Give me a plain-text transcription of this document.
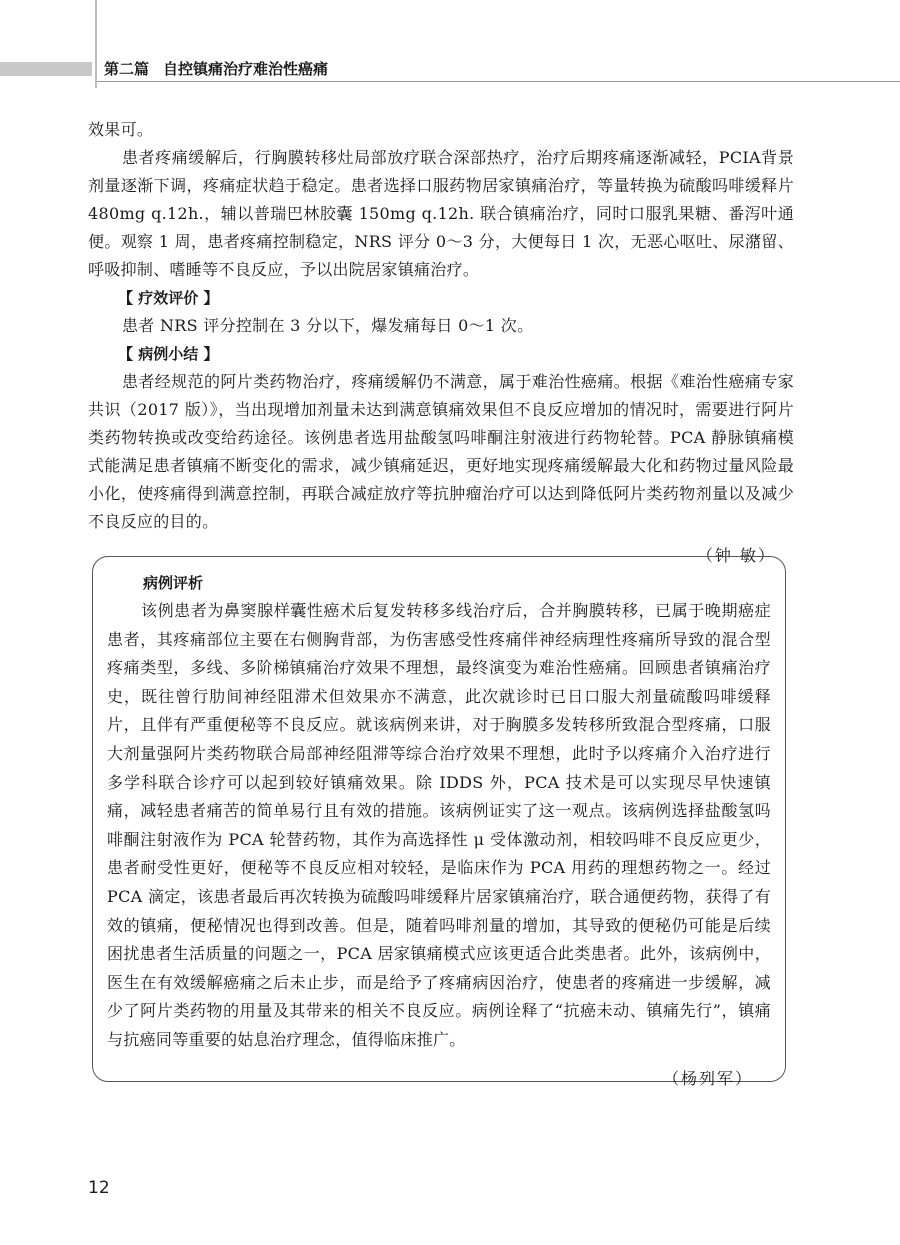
第二篇 自控镇痛治疗难治性癌痛

效果可。

患者疼痛缓解后，行胸膜转移灶局部放疗联合深部热疗，治疗后期疼痛逐渐减轻，PCIA背景剂量逐渐下调，疼痛症状趋于稳定。患者选择口服药物居家镇痛治疗，等量转换为硫酸吗啡缓释片 480mg q.12h.，辅以普瑞巴林胶囊 150mg q.12h. 联合镇痛治疗，同时口服乳果糖、番泻叶通便。观察 1 周，患者疼痛控制稳定，NRS 评分 0～3 分，大便每日 1 次，无恶心呕吐、尿潴留、呼吸抑制、嗜睡等不良反应，予以出院居家镇痛治疗。

【 疗效评价 】

患者 NRS 评分控制在 3 分以下，爆发痛每日 0～1 次。

【 病例小结 】

患者经规范的阿片类药物治疗，疼痛缓解仍不满意，属于难治性癌痛。根据《难治性癌痛专家共识（2017 版）》，当出现增加剂量未达到满意镇痛效果但不良反应增加的情况时，需要进行阿片类药物转换或改变给药途径。该例患者选用盐酸氢吗啡酮注射液进行药物轮替。PCA 静脉镇痛模式能满足患者镇痛不断变化的需求，减少镇痛延迟，更好地实现疼痛缓解最大化和药物过量风险最小化，使疼痛得到满意控制，再联合减症放疗等抗肿瘤治疗可以达到降低阿片类药物剂量以及减少不良反应的目的。

（钟 敏）
病例评析

该例患者为鼻窦腺样囊性癌术后复发转移多线治疗后，合并胸膜转移，已属于晚期癌症患者，其疼痛部位主要在右侧胸背部，为伤害感受性疼痛伴神经病理性疼痛所导致的混合型疼痛类型，多线、多阶梯镇痛治疗效果不理想，最终演变为难治性癌痛。回顾患者镇痛治疗史，既往曾行肋间神经阻滞术但效果亦不满意，此次就诊时已日口服大剂量硫酸吗啡缓释片，且伴有严重便秘等不良反应。就该病例来讲，对于胸膜多发转移所致混合型疼痛，口服大剂量强阿片类药物联合局部神经阻滞等综合治疗效果不理想，此时予以疼痛介入治疗进行多学科联合诊疗可以起到较好镇痛效果。除 IDDS 外，PCA 技术是可以实现尽早快速镇痛，减轻患者痛苦的简单易行且有效的措施。该病例证实了这一观点。该病例选择盐酸氢吗啡酮注射液作为 PCA 轮替药物，其作为高选择性 μ 受体激动剂，相较吗啡不良反应更少，患者耐受性更好，便秘等不良反应相对较轻，是临床作为 PCA 用药的理想药物之一。经过 PCA 滴定，该患者最后再次转换为硫酸吗啡缓释片居家镇痛治疗，联合通便药物，获得了有效的镇痛，便秘情况也得到改善。但是，随着吗啡剂量的增加，其导致的便秘仍可能是后续困扰患者生活质量的问题之一，PCA 居家镇痛模式应该更适合此类患者。此外，该病例中，医生在有效缓解癌痛之后未止步，而是给予了疼痛病因治疗，使患者的疼痛进一步缓解，减少了阿片类药物的用量及其带来的相关不良反应。病例诠释了“抗癌未动、镇痛先行”，镇痛与抗癌同等重要的姑息治疗理念，值得临床推广。

（杨列军）
12
